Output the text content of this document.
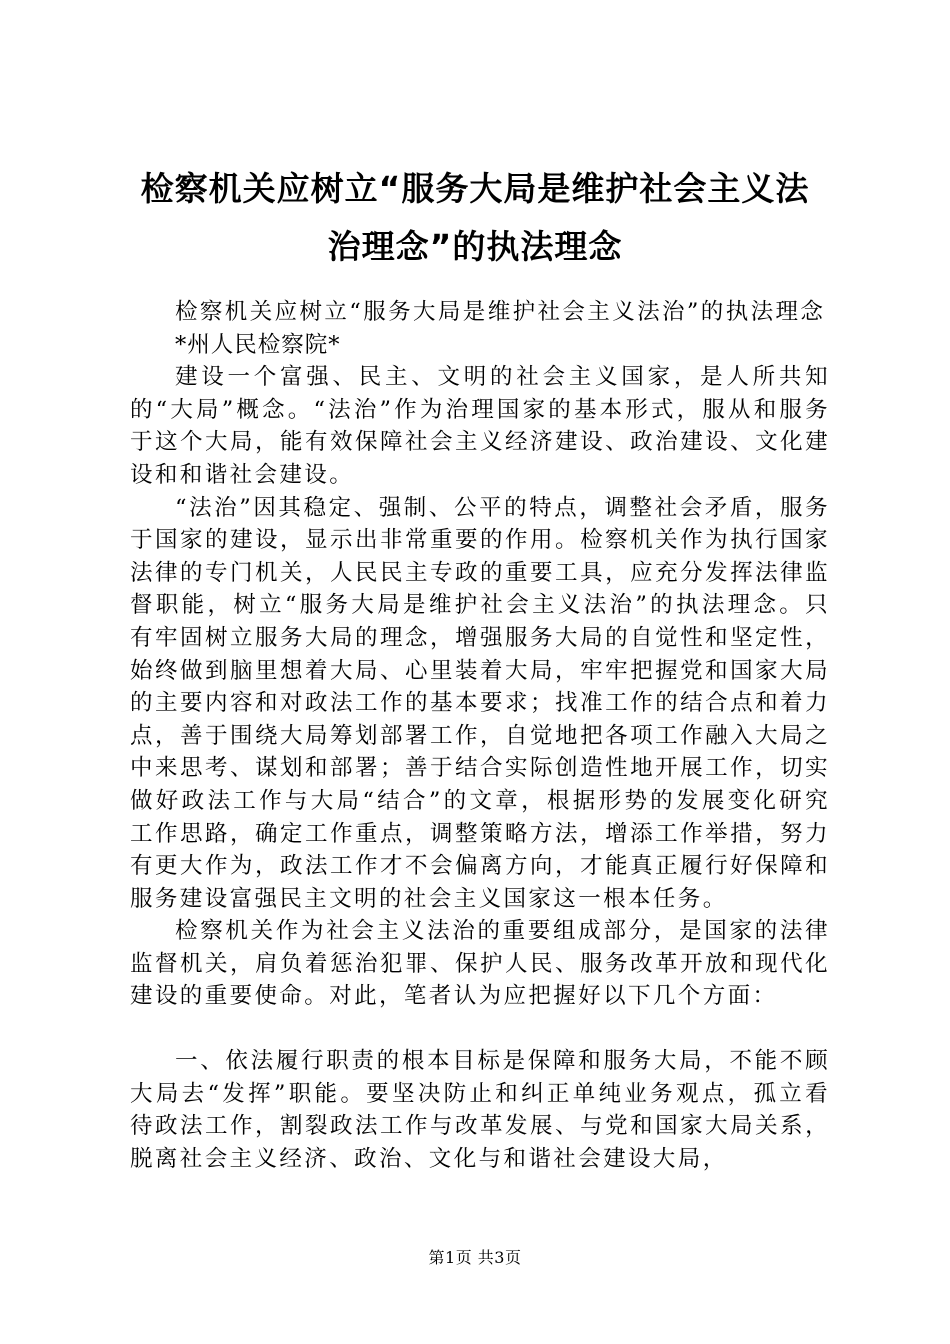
检察机关应树立“服务大局是维护社会主义法
治理念”的执法理念

检察机关应树立“服务大局是维护社会主义法治”的执法理念

*州人民检察院*

建设一个富强、民主、文明的社会主义国家，是人所共知的“大局”概念。“法治”作为治理国家的基本形式，服从和服务于这个大局，能有效保障社会主义经济建设、政治建设、文化建设和和谐社会建设。

“法治”因其稳定、强制、公平的特点，调整社会矛盾，服务于国家的建设，显示出非常重要的作用。检察机关作为执行国家法律的专门机关，人民民主专政的重要工具，应充分发挥法律监督职能，树立“服务大局是维护社会主义法治”的执法理念。只有牢固树立服务大局的理念，增强服务大局的自觉性和坚定性，始终做到脑里想着大局、心里装着大局，牢牢把握党和国家大局的主要内容和对政法工作的基本要求；找准工作的结合点和着力点，善于围绕大局筹划部署工作，自觉地把各项工作融入大局之中来思考、谋划和部署；善于结合实际创造性地开展工作，切实做好政法工作与大局“结合”的文章，根据形势的发展变化研究工作思路，确定工作重点，调整策略方法，增添工作举措，努力有更大作为，政法工作才不会偏离方向，才能真正履行好保障和服务建设富强民主文明的社会主义国家这一根本任务。

检察机关作为社会主义法治的重要组成部分，是国家的法律监督机关，肩负着惩治犯罪、保护人民、服务改革开放和现代化建设的重要使命。对此，笔者认为应把握好以下几个方面：

一、依法履行职责的根本目标是保障和服务大局，不能不顾大局去“发挥”职能。要坚决防止和纠正单纯业务观点，孤立看待政法工作，割裂政法工作与改革发展、与党和国家大局关系，脱离社会主义经济、政治、文化与和谐社会建设大局，

第1页 共3页
